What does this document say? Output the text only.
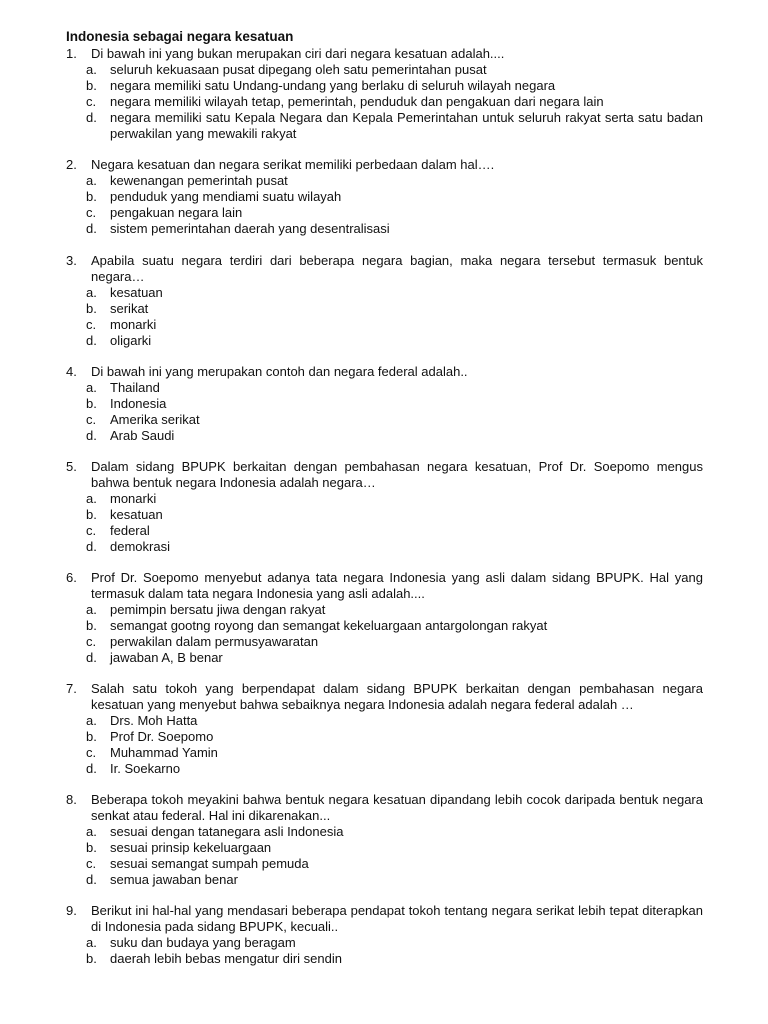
Indonesia sebagai negara kesatuan
1.	Di bawah ini yang bukan merupakan ciri dari negara kesatuan adalah....
a.	seluruh kekuasaan pusat dipegang oleh satu pemerintahan pusat
b.	negara memiliki satu Undang-undang yang berlaku di seluruh wilayah negara
c.	negara memiliki wilayah tetap, pemerintah, penduduk dan pengakuan dari negara lain
d.	negara memiliki satu Kepala Negara dan Kepala Pemerintahan untuk seluruh rakyat serta satu badan perwakilan yang mewakili rakyat
2.	Negara kesatuan dan negara serikat memiliki perbedaan dalam hal….
a.	kewenangan pemerintah pusat
b.	penduduk yang mendiami suatu wilayah
c.	pengakuan negara lain
d.	sistem pemerintahan daerah yang desentralisasi
3.	Apabila suatu negara terdiri dari beberapa negara bagian, maka negara tersebut termasuk bentuk negara…
a.	kesatuan
b.	serikat
c.	monarki
d.	oligarki
4.	Di bawah ini yang merupakan contoh dan negara federal adalah..
a.	Thailand
b.	Indonesia
c.	Amerika serikat
d.	Arab Saudi
5.	Dalam sidang BPUPK berkaitan dengan pembahasan negara kesatuan, Prof Dr. Soepomo mengus bahwa bentuk negara Indonesia adalah negara…
a.	monarki
b.	kesatuan
c.	federal
d.	demokrasi
6.	Prof Dr. Soepomo menyebut adanya tata negara Indonesia yang asli dalam sidang BPUPK. Hal yang termasuk dalam tata negara Indonesia yang asli adalah....
a.	pemimpin bersatu jiwa dengan rakyat
b.	semangat gootng royong dan semangat kekeluargaan antargolongan rakyat
c.	perwakilan dalam permusyawaratan
d.	jawaban A, B benar
7.	Salah satu tokoh yang berpendapat dalam sidang BPUPK berkaitan dengan pembahasan negara kesatuan yang menyebut bahwa sebaiknya negara Indonesia adalah negara federal adalah …
a.	Drs. Moh Hatta
b.	Prof Dr. Soepomo
c.	Muhammad Yamin
d.	Ir. Soekarno
8.	Beberapa tokoh meyakini bahwa bentuk negara kesatuan dipandang lebih cocok daripada bentuk negara senkat atau federal. Hal ini dikarenakan...
a.	sesuai dengan tatanegara asli Indonesia
b.	sesuai prinsip kekeluargaan
c.	sesuai semangat sumpah pemuda
d.	semua jawaban benar
9.	Berikut ini hal-hal yang mendasari beberapa pendapat tokoh tentang negara serikat lebih tepat diterapkan di Indonesia pada sidang BPUPK, kecuali..
a.	suku dan budaya yang beragam
b.	daerah lebih bebas mengatur diri sendin
